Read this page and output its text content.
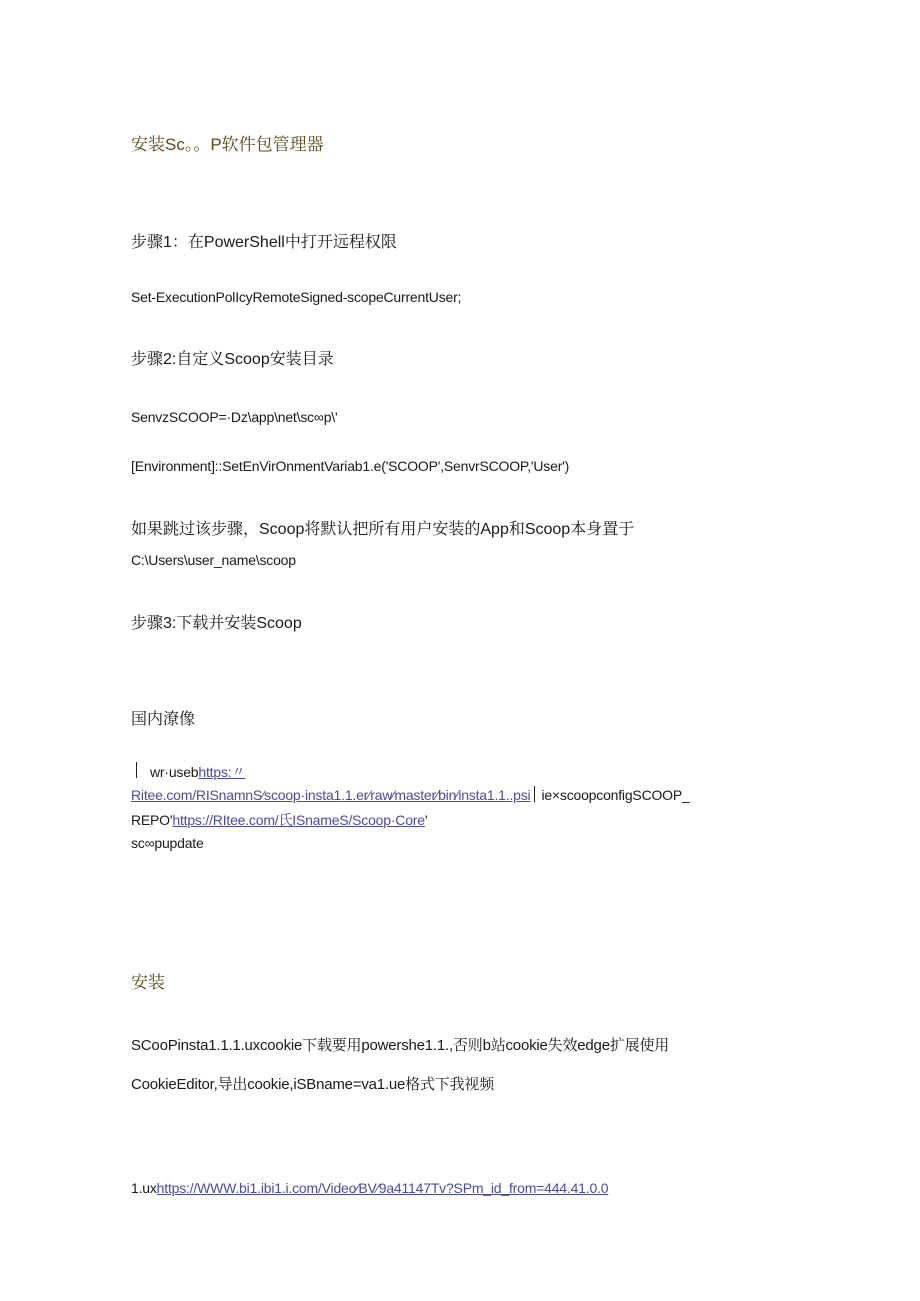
安装Sc。。P软件包管理器
步骤1：在PowerShell中打开远程权限
Set-ExecutionPolIcyRemoteSigned-scopeCurrentUser;
步骤2:自定义Scoop安装目录
SenvzSCOOP=·Dz\app\net\sc∞p\'
[Environment]::SetEnVirOnmentVariab1.e('SCOOP',SenvrSCOOP,'User')
如果跳过该步骤，Scoop将默认把所有用户安装的App和Scoop本身置于
C:\Users\user_name\scoop
步骤3:下载并安装Scoop
国内潦像
wr·usebhttps:〃
Ritee.com/RISnamnS⁄scoop·insta1.1.er⁄raw⁄master⁄bin⁄insta1.1..psi ie×scoopconfigSCOOP_
REPO'https://RItee.com/氏ISnameS/Scoop·Core'
sc∞pupdate
安装
SCooPinsta1.1.1.uxcookie下载要用powershe1.1.,否则b站cookie失效edge扩展使用
CookieEditor,导出cookie,iSBname=va1.ue格式下我视频
1.uxhttps://WWW.bi1.ibi1.i.com/Video⁄BV⁄9a41147Tv?SPm_id_from=444.41.0.0
